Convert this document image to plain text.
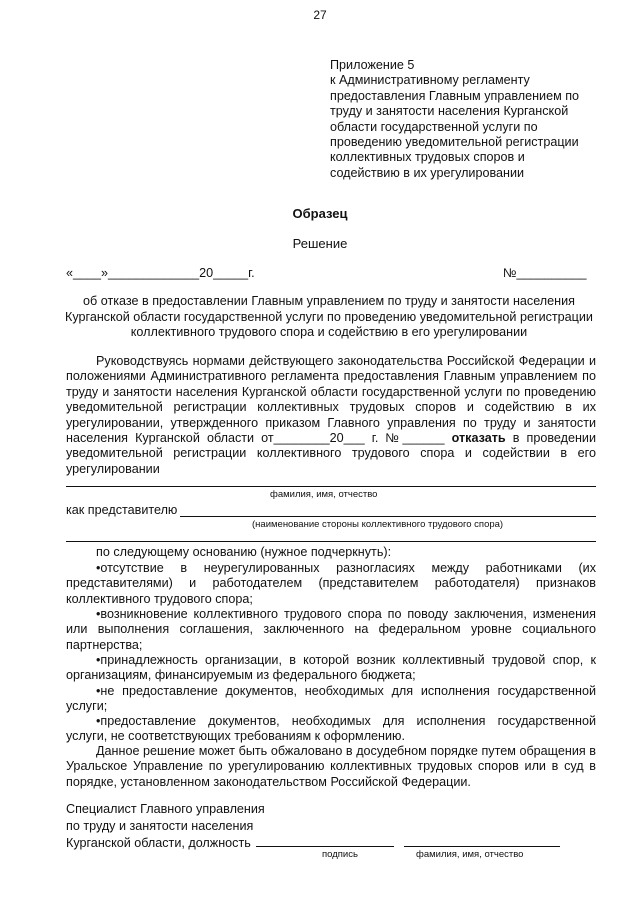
27
Приложение 5
к Административному регламенту
предоставления Главным управлением по
труду и занятости населения Курганской
области государственной услуги по
проведению уведомительной регистрации
коллективных трудовых споров и
содействию в их урегулировании
Образец
Решение
«____»_____________20_____г.	№__________
об отказе в предоставлении Главным управлением по труду и занятости населения Курганской области государственной услуги по проведению уведомительной регистрации коллективного трудового спора и содействию в его урегулировании
Руководствуясь нормами действующего законодательства Российской Федерации и положениями Административного регламента предоставления Главным управлением по труду и занятости населения Курганской области государственной услуги по проведению уведомительной регистрации коллективных трудовых споров и содействию в их урегулировании, утвержденного приказом Главного управления по труду и занятости населения Курганской области от________20___ г. №______ отказать в проведении уведомительной регистрации коллективного трудового спора и содействии в его урегулировании
фамилия, имя, отчество
как представителю
(наименование стороны коллективного трудового спора)
по следующему основанию (нужное подчеркнуть):
•отсутствие в неурегулированных разногласиях между работниками (их представителями) и работодателем (представителем работодателя) признаков коллективного трудового спора;
•возникновение коллективного трудового спора по поводу заключения, изменения или выполнения соглашения, заключенного на федеральном уровне социального партнерства;
•принадлежность организации, в которой возник коллективный трудовой спор, к организациям, финансируемым из федерального бюджета;
•не предоставление документов, необходимых для исполнения государственной услуги;
•предоставление документов, необходимых для исполнения государственной услуги, не соответствующих требованиям к оформлению.
Данное решение может быть обжаловано в досудебном порядке путем обращения в Уральское Управление по урегулированию коллективных трудовых споров или в суд в порядке, установленном законодательством Российской Федерации.
Специалист Главного управления
по труду и занятости населения
Курганской области, должность
подпись	фамилия, имя, отчество
